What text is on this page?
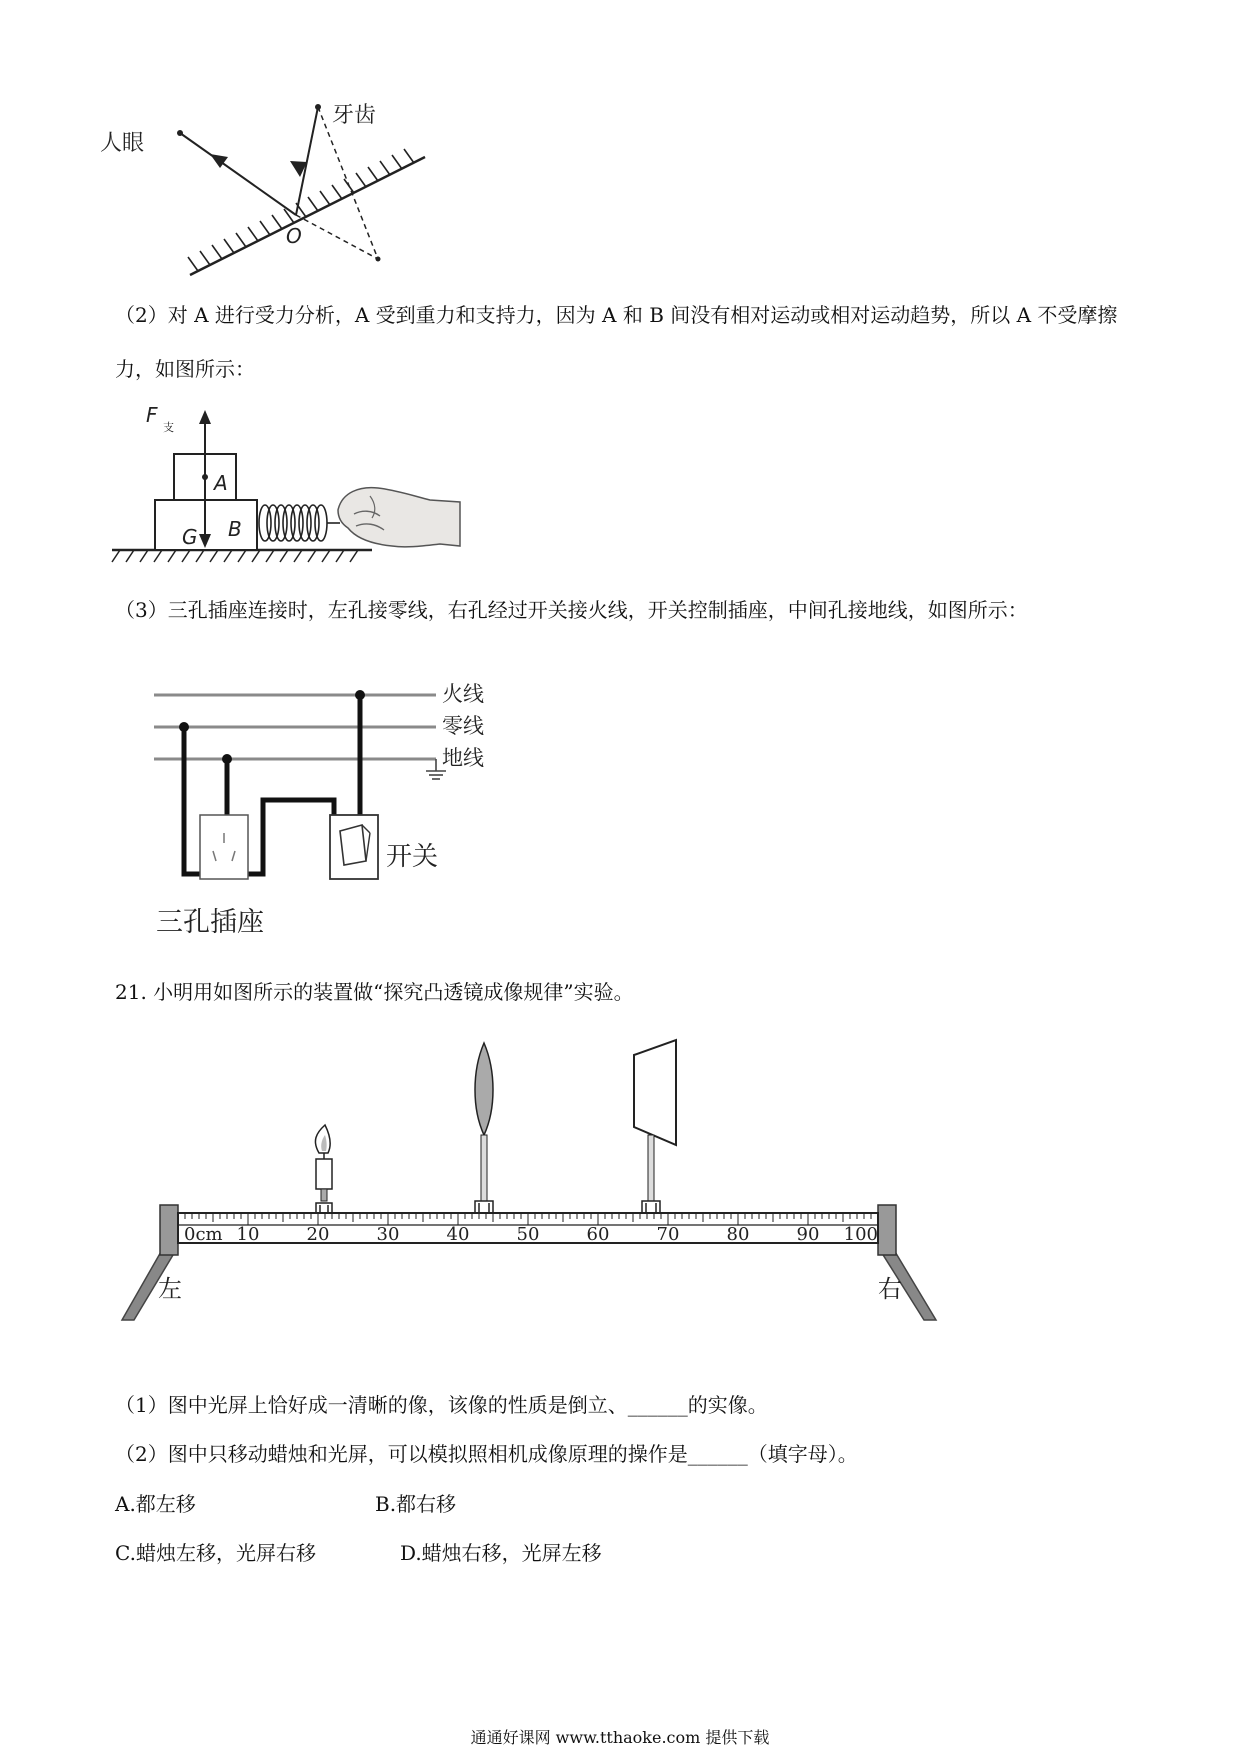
人眼
牙齿
O

（2）对 A 进行受力分析，A 受到重力和支持力，因为 A 和 B 间没有相对运动或相对运动趋势，所以 A 不受摩擦力，如图所示：

F
支
A
B
G

（3）三孔插座连接时，左孔接零线，右孔经过开关接火线，开关控制插座，中间孔接地线，如图所示：

火线
零线
地线
开关
三孔插座

21. 小明用如图所示的装置做“探究凸透镜成像规律”实验。

0cm 10	20	30	40	50	60	70	80	90 100
左	右
（1）图中光屏上恰好成一清晰的像，该像的性质是倒立、______的实像。
（2）图中只移动蜡烛和光屏，可以模拟照相机成像原理的操作是______（填字母）。
A.都左移	B.都右移
C.蜡烛左移，光屏右移	D.蜡烛右移，光屏左移
通通好课网 www.tthaoke.com 提供下载
